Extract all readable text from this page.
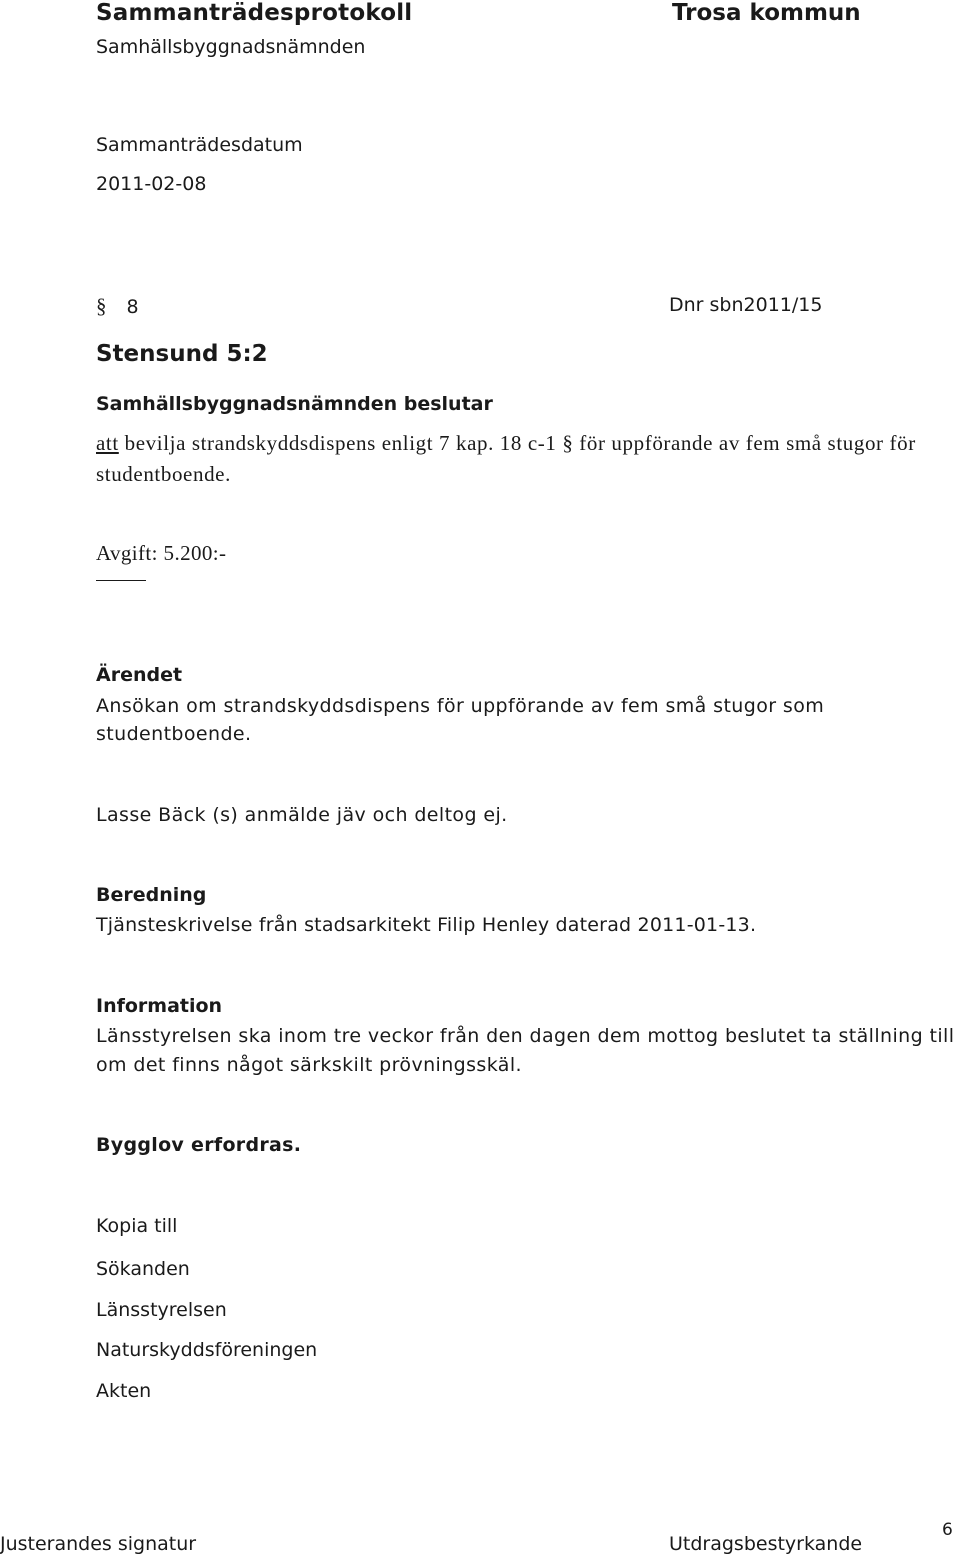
Sammanträdesprotokoll	Trosa kommun
Samhällsbyggnadsnämnden
Sammanträdesdatum
2011-02-08
§ 8	Dnr sbn2011/15
Stensund 5:2
Samhällsbyggnadsnämnden beslutar
att bevilja strandskyddsdispens enligt 7 kap. 18 c-1 § för uppförande av fem små stugor för studentboende.
Avgift: 5.200:-
Ärendet
Ansökan om strandskyddsdispens för uppförande av fem små stugor som studentboende.
Lasse Bäck (s) anmälde jäv och deltog ej.
Beredning
Tjänsteskrivelse från stadsarkitekt Filip Henley daterad 2011-01-13.
Information
Länsstyrelsen ska inom tre veckor från den dagen dem mottog beslutet ta ställning till om det finns något särkskilt prövningsskäl.
Bygglov erfordras.
Kopia till
Sökanden
Länsstyrelsen
Naturskyddsföreningen
Akten
Justerandes signatur	Utdragsbestyrkande
6
